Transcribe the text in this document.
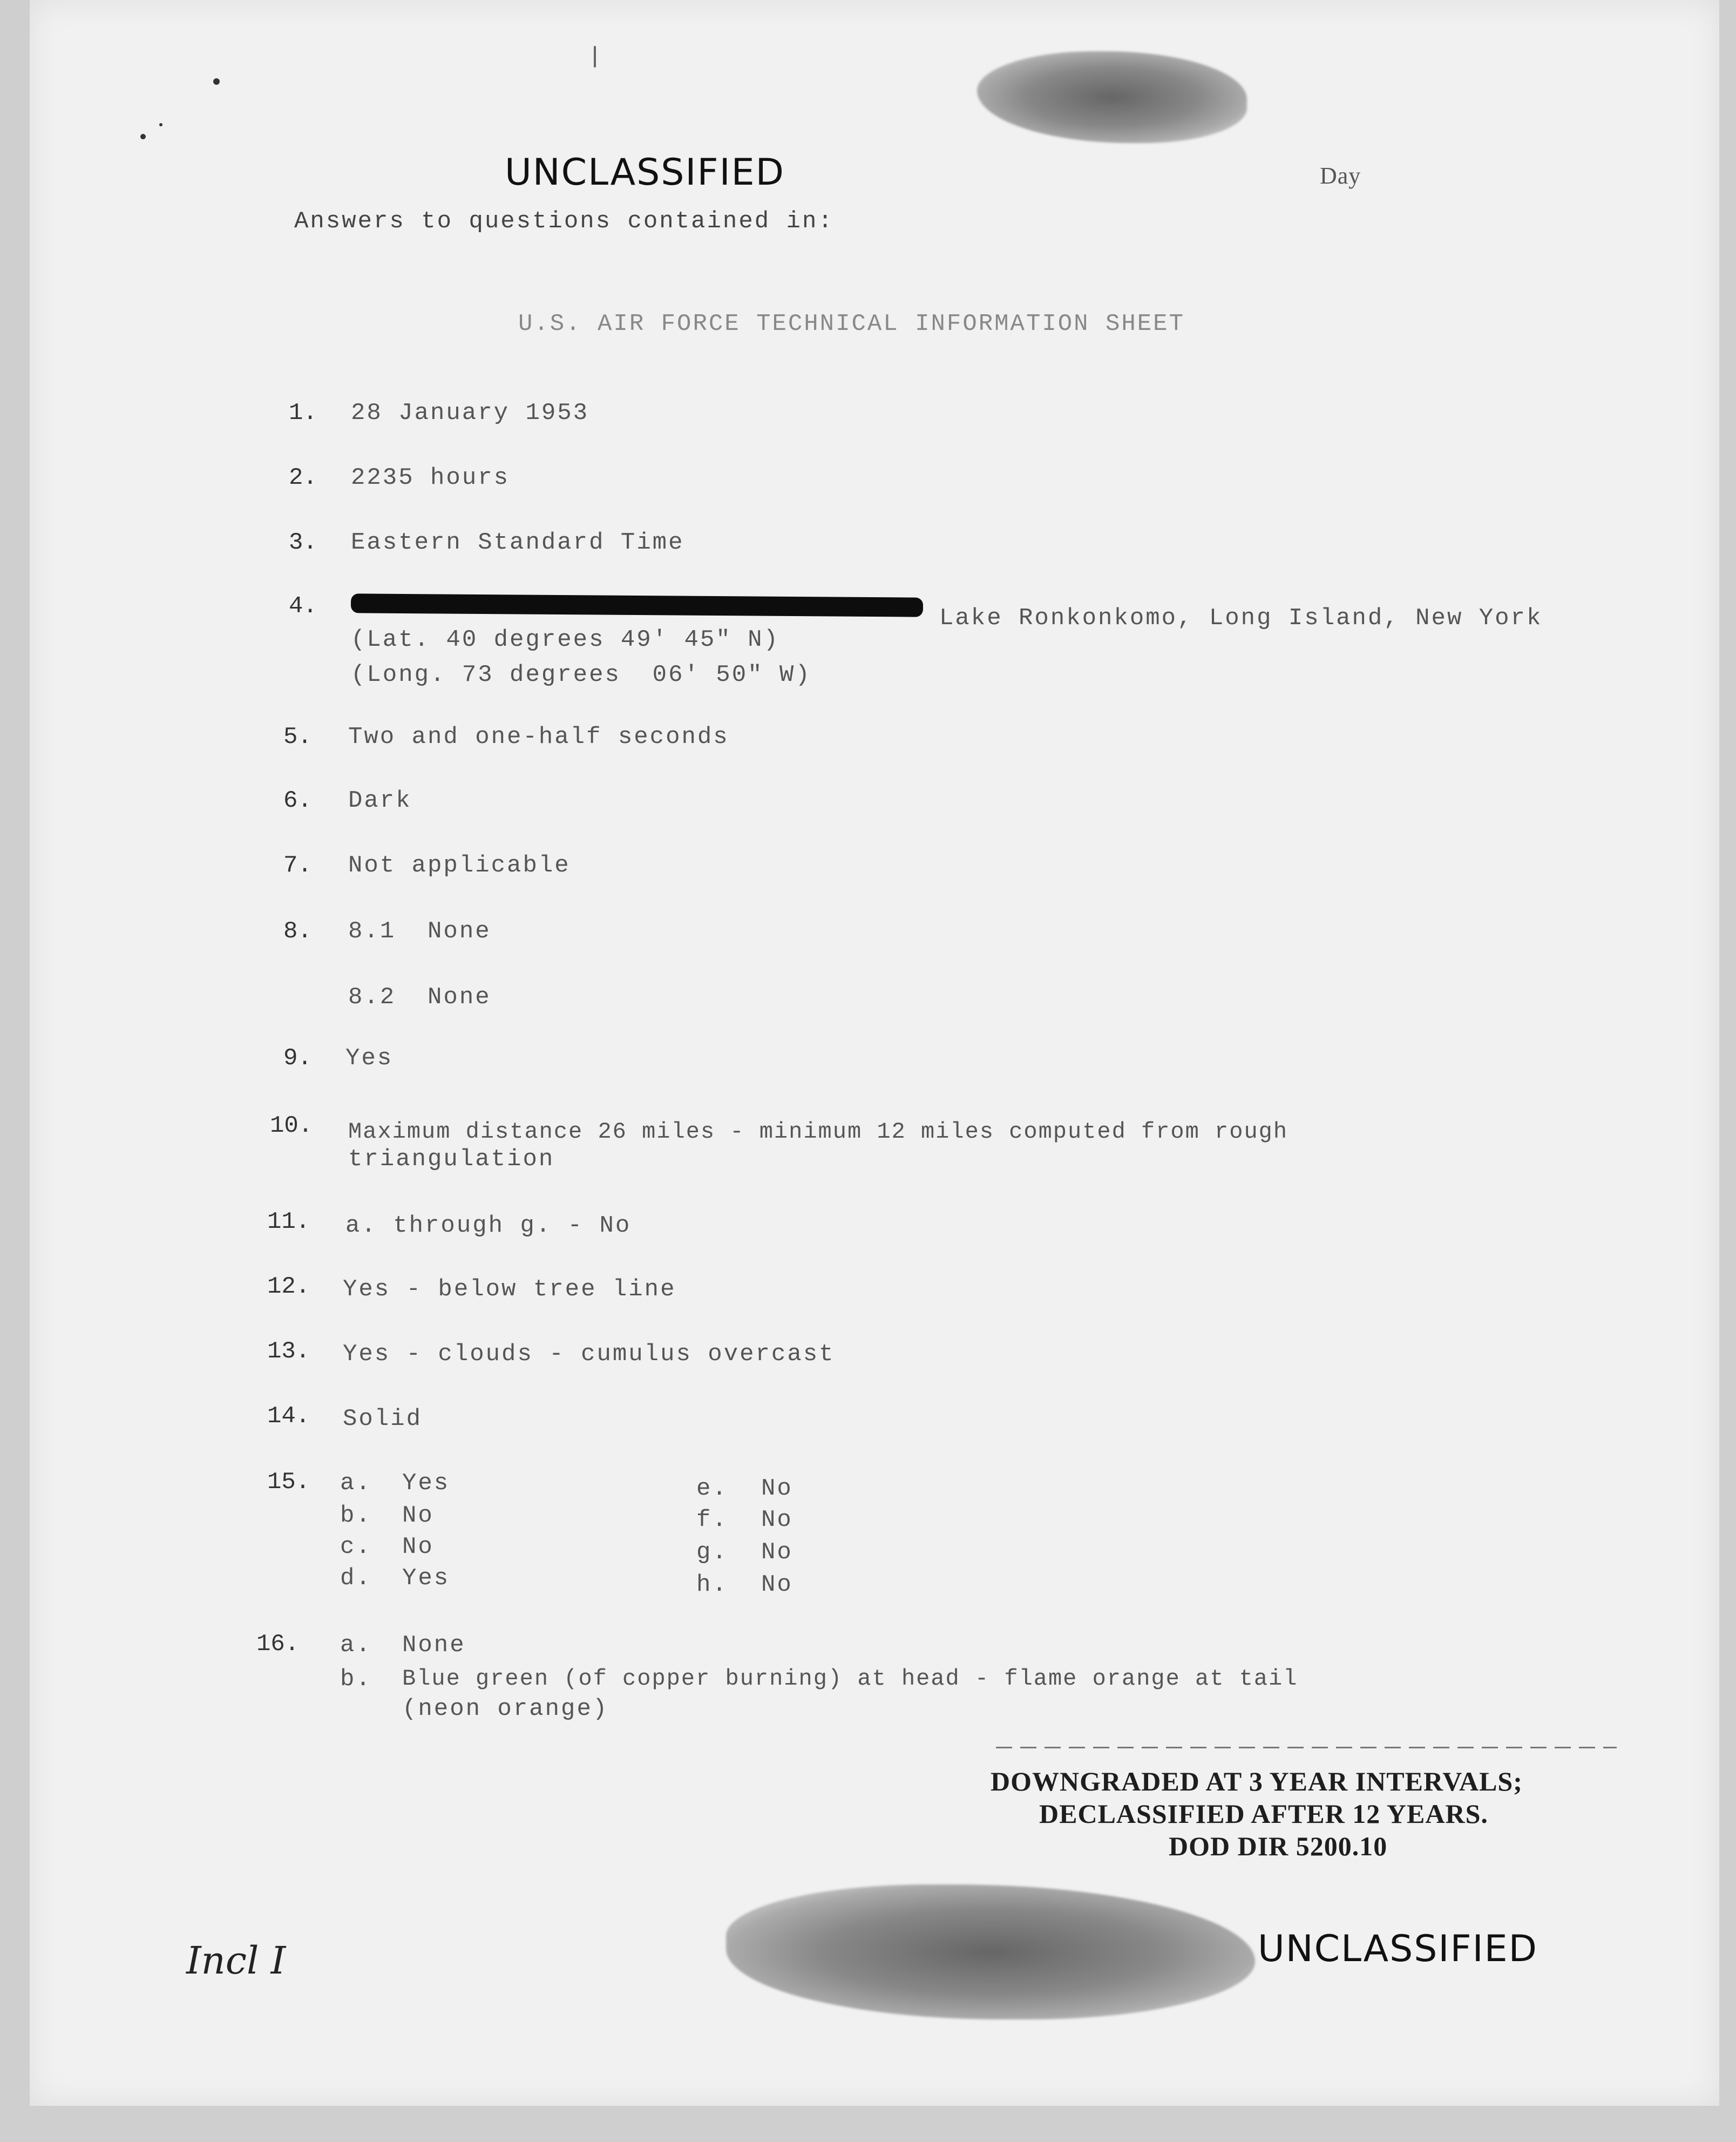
UNCLASSIFIED	Day
Answers to questions contained in:
U.S. AIR FORCE TECHNICAL INFORMATION SHEET
1. 28 January 1953
2. 2235 hours
3. Eastern Standard Time
4.	Lake Ronkonkomo, Long Island, New York
(Lat. 40 degrees 49' 45" N)
(Long. 73 degrees  06' 50" W)
5. Two and one-half seconds
6. Dark
7. Not applicable
8. 8.1  None
8.2  None
9. Yes
10. Maximum distance 26 miles - minimum 12 miles computed from rough
triangulation
11. a. through g. - No
12. Yes - below tree line
13. Yes - clouds - cumulus overcast
14. Solid
15. a. Yes
b. No
c. No
d. Yes
e. No
f. No
g. No
h. No
16. a. None
b. Blue green (of copper burning) at head - flame orange at tail
(neon orange)
DOWNGRADED AT 3 YEAR INTERVALS;
DECLASSIFIED AFTER 12 YEARS.
DOD DIR 5200.10
UNCLASSIFIED
Incl I
